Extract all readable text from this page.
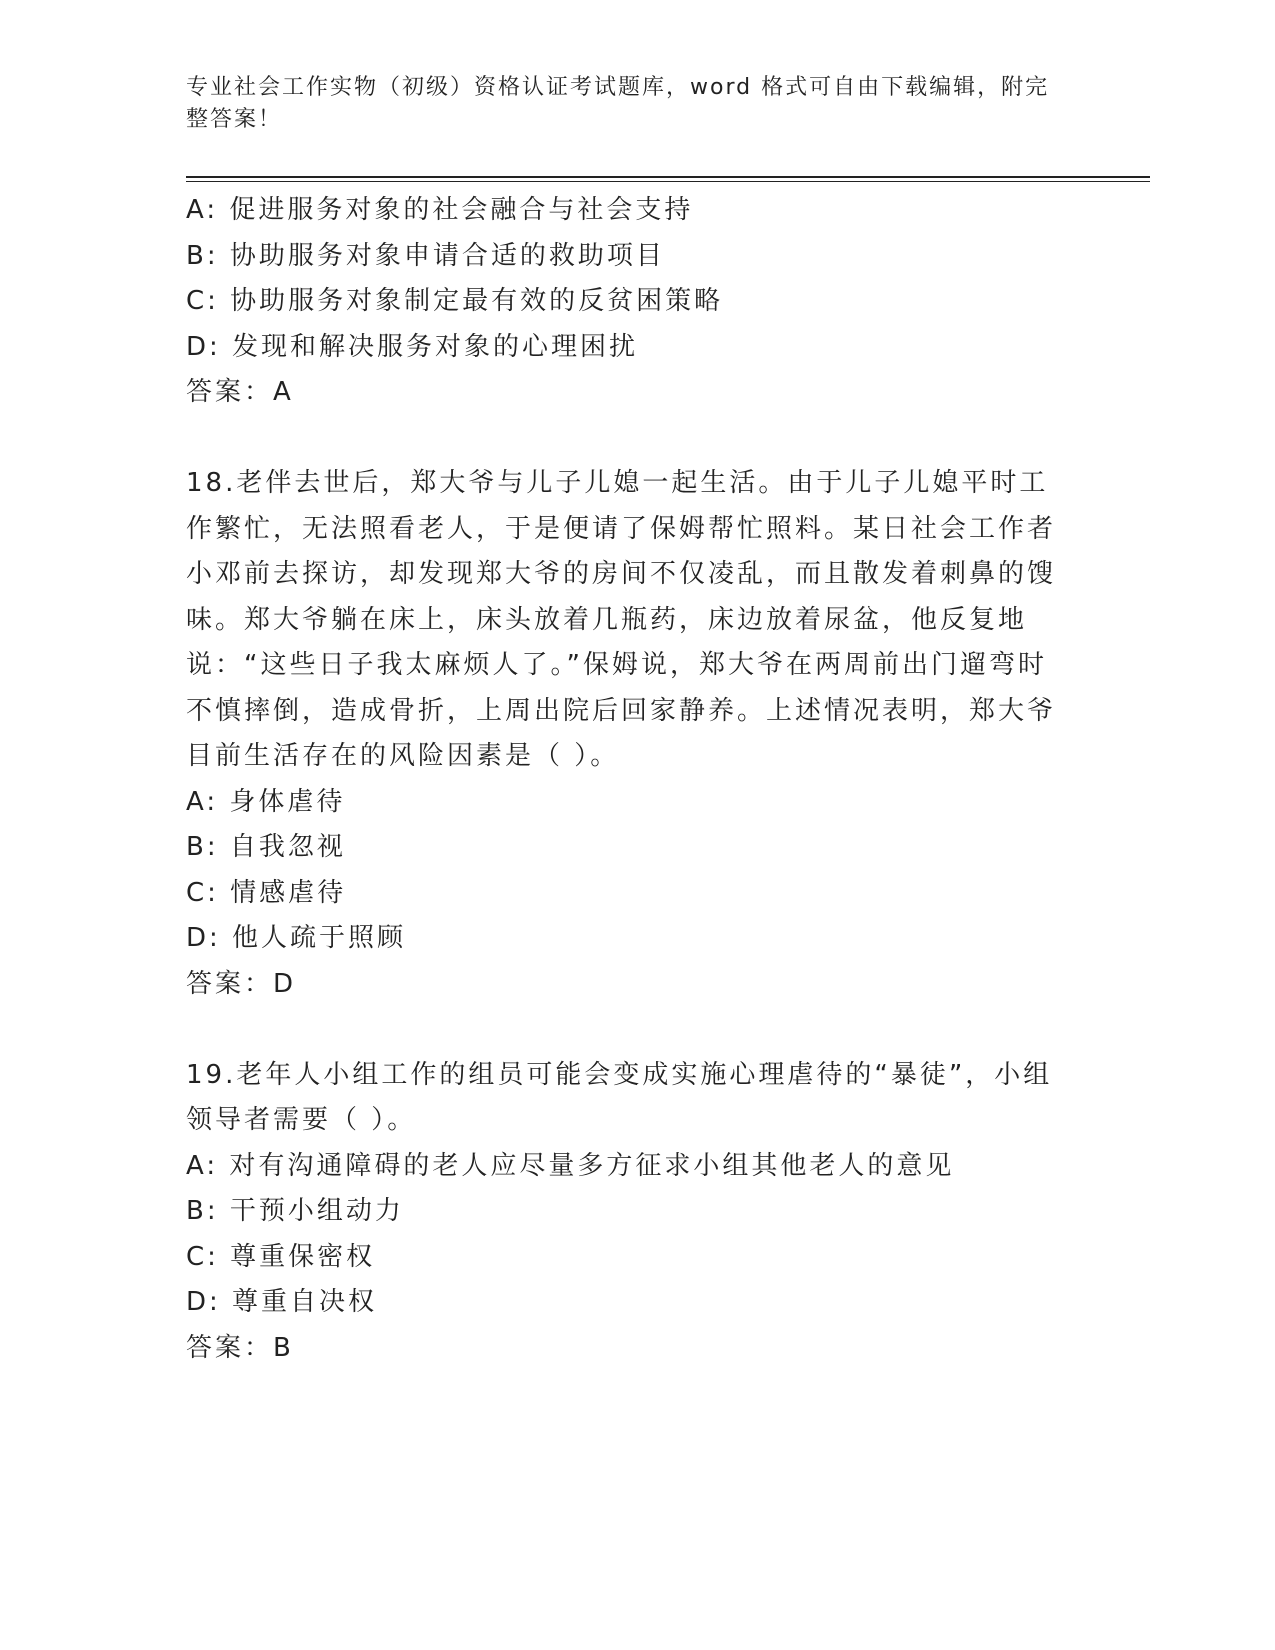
专业社会工作实物（初级）资格认证考试题库，word 格式可自由下载编辑，附完整答案！
A: 促进服务对象的社会融合与社会支持
B: 协助服务对象申请合适的救助项目
C: 协助服务对象制定最有效的反贫困策略
D: 发现和解决服务对象的心理困扰
答案：A
18.老伴去世后，郑大爷与儿子儿媳一起生活。由于儿子儿媳平时工作繁忙，无法照看老人，于是便请了保姆帮忙照料。某日社会工作者小邓前去探访，却发现郑大爷的房间不仅凌乱，而且散发着刺鼻的馊味。郑大爷躺在床上，床头放着几瓶药，床边放着尿盆，他反复地说：“这些日子我太麻烦人了。”保姆说，郑大爷在两周前出门遛弯时不慎摔倒，造成骨折，上周出院后回家静养。上述情况表明，郑大爷目前生活存在的风险因素是（ ）。
A: 身体虐待
B: 自我忽视
C: 情感虐待
D: 他人疏于照顾
答案：D
19.老年人小组工作的组员可能会变成实施心理虐待的“暴徒”，小组领导者需要（ ）。
A: 对有沟通障碍的老人应尽量多方征求小组其他老人的意见
B: 干预小组动力
C: 尊重保密权
D: 尊重自决权
答案：B
